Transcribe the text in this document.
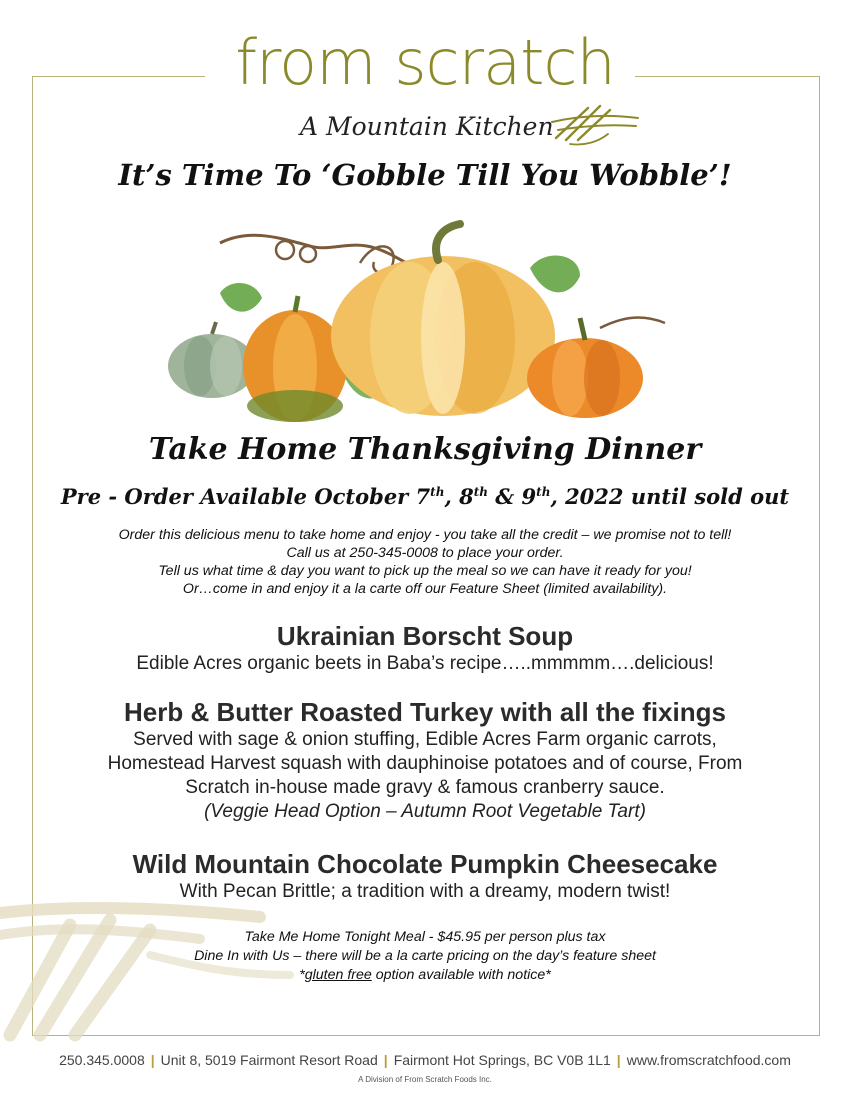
from scratch
A Mountain Kitchen
It’s Time To ‘Gobble Till You Wobble’!
Take Home Thanksgiving Dinner
Pre - Order Available October 7th, 8th & 9th, 2022 until sold out
Order this delicious menu to take home and enjoy - you take all the credit – we promise not to tell!
Call us at 250-345-0008 to place your order.
Tell us what time & day you want to pick up the meal so we can have it ready for you!
Or…come in and enjoy it a la carte off our Feature Sheet (limited availability).
Ukrainian Borscht Soup

Edible Acres organic beets in Baba’s recipe…..mmmmm….delicious!

Herb & Butter Roasted Turkey with all the fixings

Served with sage & onion stuffing, Edible Acres Farm organic carrots,

Homestead Harvest squash with dauphinoise potatoes and of course, From

Scratch in-house made gravy & famous cranberry sauce.

(Veggie Head Option – Autumn Root Vegetable Tart)

Wild Mountain Chocolate Pumpkin Cheesecake

With Pecan Brittle; a tradition with a dreamy, modern twist!

Take Me Home Tonight Meal - $45.95 per person plus tax
Dine In with Us – there will be a la carte pricing on the day’s feature sheet
*gluten free option available with notice*
250.345.0008 | Unit 8, 5019 Fairmont Resort Road | Fairmont Hot Springs, BC V0B 1L1 | www.fromscratchfood.com
A Division of From Scratch Foods Inc.
